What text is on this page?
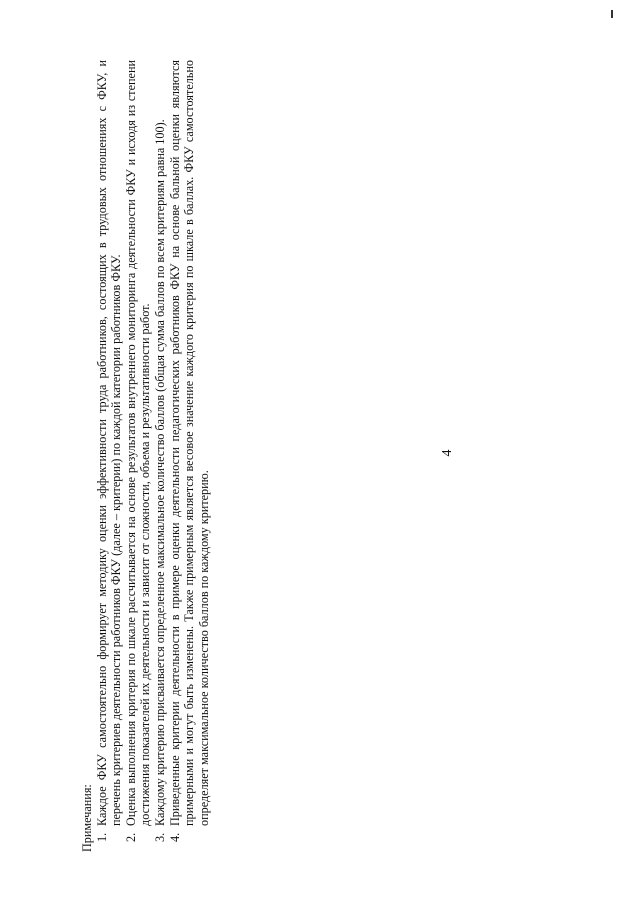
4

Примечания: 1.
Каждое ФКУ самостоятельно формирует методику оценки эффективности труда работников, состоящих в трудовых отношениях с ФКУ, и перечень критериев деятельности работников ФКУ (далее – критерии) по каждой категории работников ФКУ.
2.
Оценка выполнения критерия по шкале рассчитывается на основе результатов внутреннего мониторинга деятельности ФКУ и исходя из степени достижения показателей их деятельности и зависит от сложности, объема и результативности работ.
3.
Каждому критерию присваивается определенное максимальное количество баллов (общая сумма баллов по всем критериям равна 100).
4.
Приведенные критерии деятельности в примере оценки деятельности педагогических работников ФКУ на основе бальной оценки являются примерными и могут быть изменены. Также примерным является весовое значение каждого критерия по шкале в баллах. ФКУ самостоятельно определяет максимальное количество баллов по каждому критерию.
